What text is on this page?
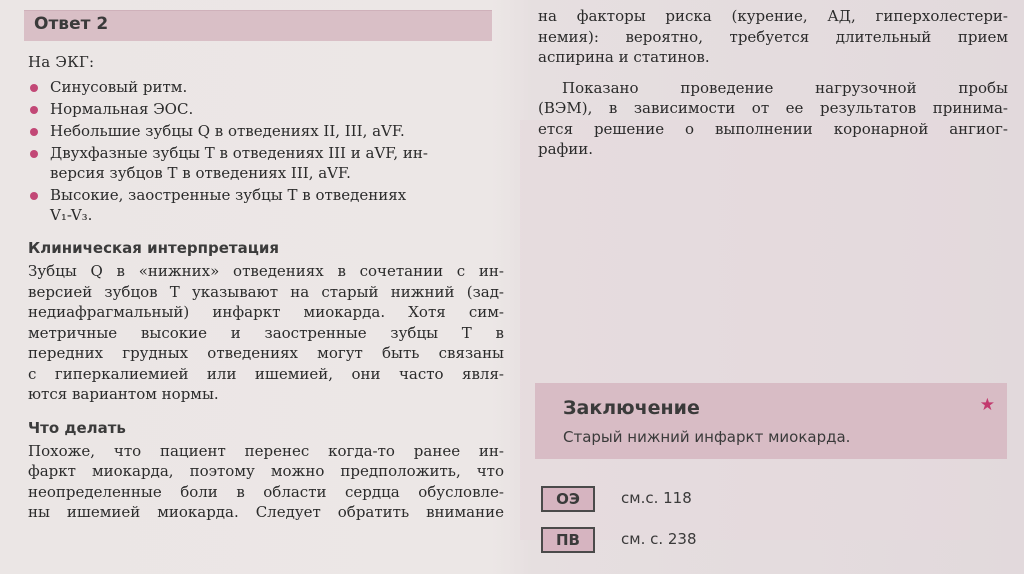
Ответ 2
На ЭКГ:
Синусовый ритм.
Нормальная ЭОС.
Небольшие зубцы Q в отведениях II, III, aVF.
Двухфазные зубцы T в отведениях III и aVF, ин-
версия зубцов T в отведениях III, aVF.
Высокие, заостренные зубцы T в отведениях
V₁-V₃.
Клиническая интерпретация
Зубцы Q в «нижних» отведениях в сочетании с ин-
версией зубцов T указывают на старый нижний (зад-
недиафрагмальный) инфаркт миокарда. Хотя сим-
метричные высокие и заостренные зубцы T в
передних грудных отведениях могут быть связаны
с гиперкалиемией или ишемией, они часто явля-
ются вариантом нормы.
Что делать
Похоже, что пациент перенес когда-то ранее ин-
фаркт миокарда, поэтому можно предположить, что
неопределенные боли в области сердца обусловле-
ны ишемией миокарда. Следует обратить внимание
на факторы риска (курение, АД, гиперхолестери-
немия): вероятно, требуется длительный прием
аспирина и статинов.
Показано проведение нагрузочной пробы
(ВЭМ), в зависимости от ее результатов принима-
ется решение о выполнении коронарной ангиог-
рафии.
Заключение
Старый нижний инфаркт миокарда.
★
ОЭ	см.с. 118
ПВ	см. с. 238
